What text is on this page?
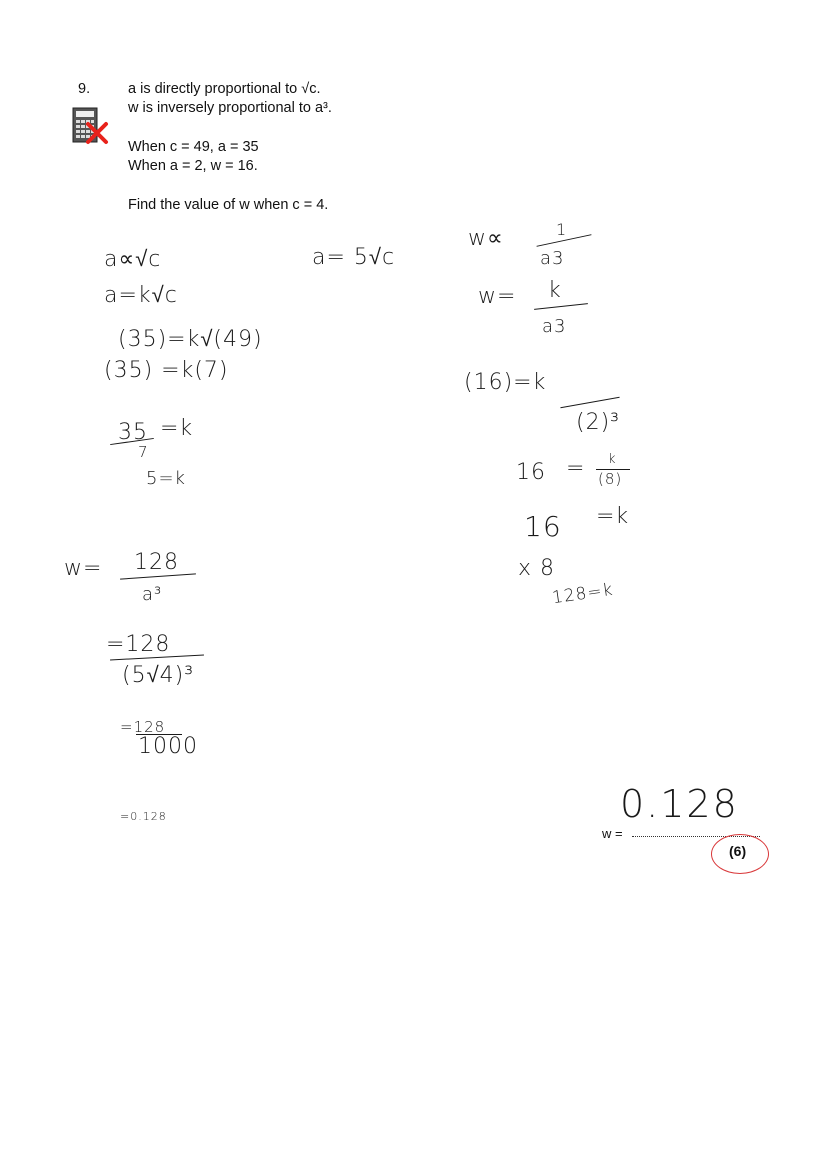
9.	a is directly proportional to √c.
w is inversely proportional to a³.
When c = 49, a = 35
When a = 2, w = 16.
Find the value of w when c = 4.
a∝√c
a=k√c
(35)=k√(49)
(35) =k(7)
35 =k
7
5=k
w= 128
a³
=128
(5√4)³
=128
1000
=0.128
a= 5√c
w∝	1
a3
w= k
a3
(16)=k
(2)³
16 = k
(8)
16 =k
x 8
128=k
0.128
w =
(6)
